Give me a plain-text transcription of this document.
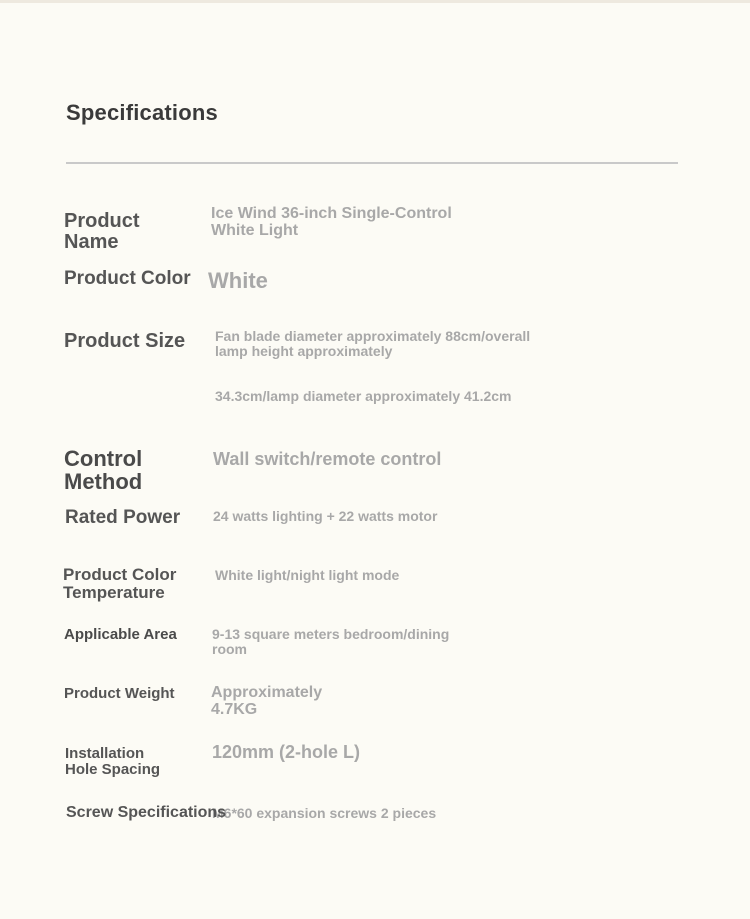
Specifications
Product
Name
Ice Wind 36-inch Single-Control
White Light
White
Product Color
Product Size Fan blade diameter approximately 88cm/overall
lamp height approximately
34.3cm/lamp diameter approximately 41.2cm
Control
Method
Wall switch/remote control
Rated Power 24 watts lighting + 22 watts motor
Product Color
Temperature
White light/night light mode
Applicable Area	9-13 square meters bedroom/dining
room
Product Weight Approximately
4.7KG
Installation
Hole Spacing
120mm (2-hole L)
M6*60 expansion screws 2 pieces
Screw Specifications
